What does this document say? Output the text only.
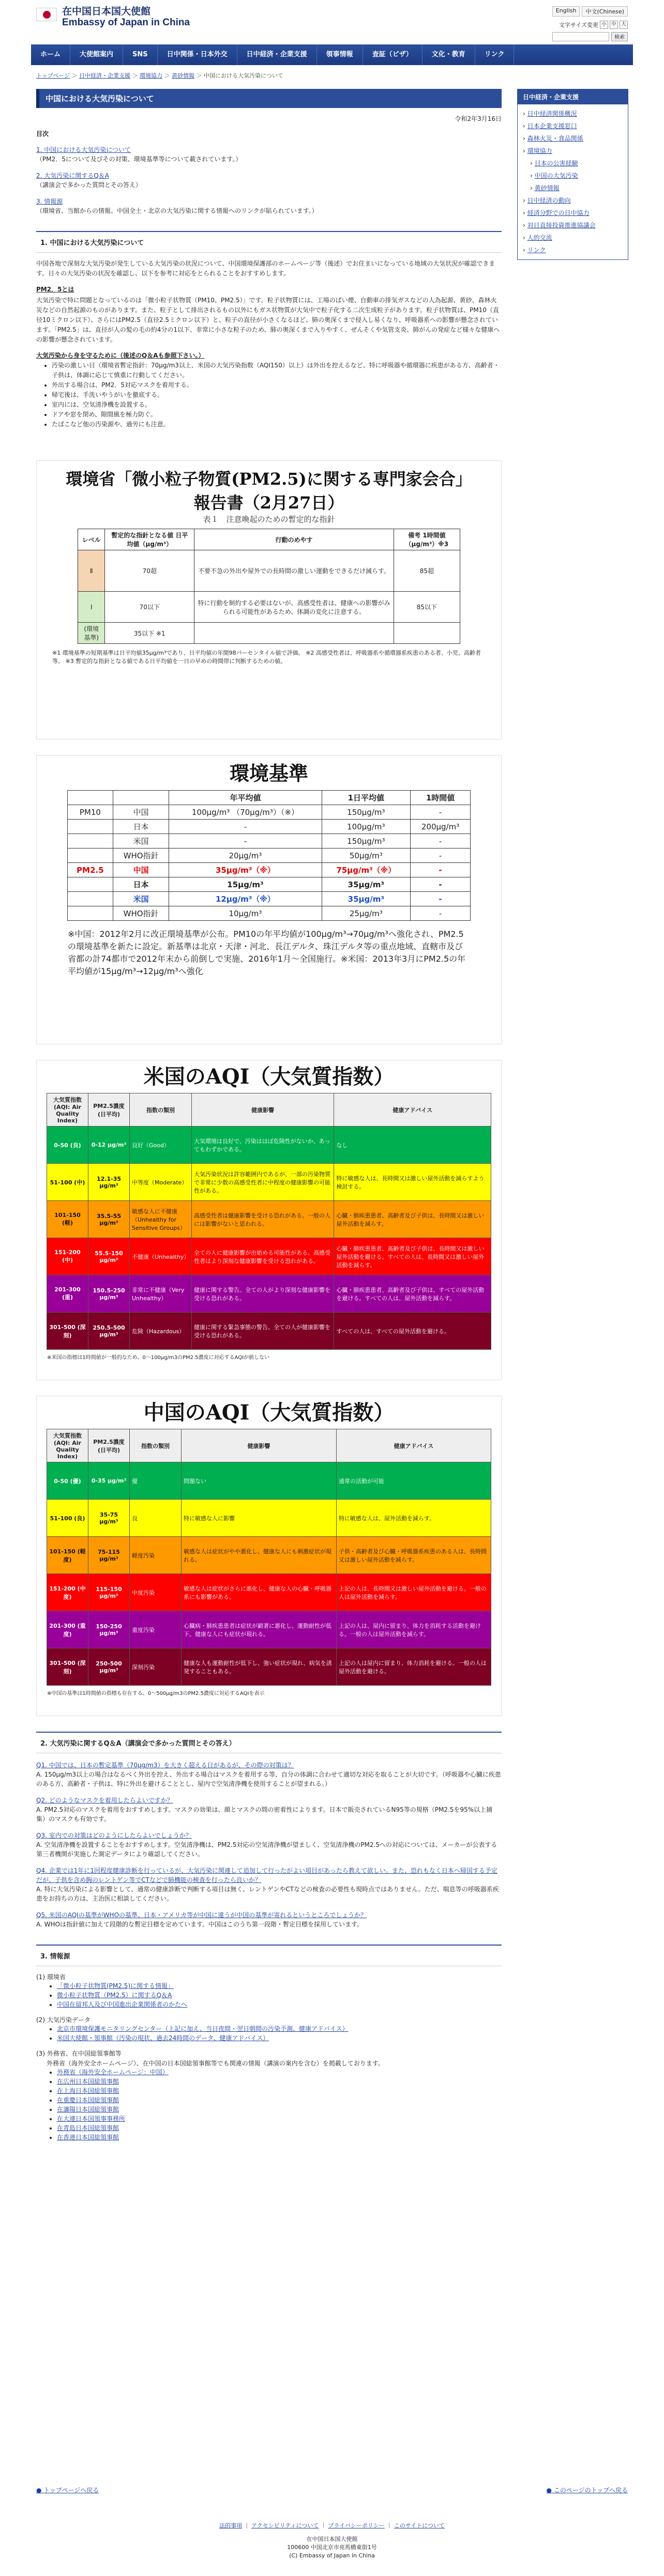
在中国日本国大使館
Embassy of Japan in China
English	中文(Chinese)
文字サイズ変更 小 中 大
検索
ホーム	大使館案内	SNS	日中関係・日本外交	日中経済・企業支援	領事情報	査証（ビザ）	文化・教育	リンク
トップページ ＞ 日中経済・企業支援 ＞ 環境協力 ＞ 黄砂情報 ＞ 中国における大気汚染について
中国における大気汚染について
令和2年3月16日
目次

1. 中国における大気汚染について
（PM2．5について及びその対策、環境基準等について載されています。）

2. 大気汚染に関するQ＆A
（講演会で多かった質問とその答え）

3. 情報源
（環境省、当館からの情報、中国全土・北京の大気汚染に関する情報へのリンクが貼られています。）

1. 中国における大気汚染について

中国各地で深刻な大気汚染が発生している大気汚染の状況について、中国環境保護部のホームページ等（後述）でお住まいになっている地域の大気状況が確認できます。日々の大気汚染の状況を確認し、以下を参考に対応をとられることをおすすめします。

PM2．5とは

大気汚染で特に問題となっているのは「微小粒子状物質（PM10、PM2.5）」です。粒子状物質には、工場のばい煙、自動車の排気ガスなどの人為起源、黄砂、森林火災などの自然起源のものがあります。また、粒子として排出されるもの以外にもガス状物質が大気中で粒子化する二次生成粒子があります。粒子状物質は、PM10（直径10ミクロン以下）、さらにはPM2.5（直径2.5ミクロン以下）と、粒子の直径が小さくなるほど、肺の奥深くまで侵入し易くなり、呼吸器系への影響が懸念されています。「PM2.5」は、直径が人の髪の毛の約4分の1以下、非常に小さな粒子のため、肺の奥深くまで入りやすく、ぜんそくや気管支炎、肺がんの発症など様々な健康への影響が懸念されています。

大気汚染から身を守るために（後述のQ＆Aも参照下さい。）

• 汚染の激しい日（環境省暫定指針：70μg/m3以上、米国の大気汚染指数（AQI150）以上）は外出を控えるなど、特に呼吸器や循環器に疾患がある方、高齢者・子供は、体調に応じて慎重に行動してください。
• 外出する場合は、PM2．5対応マスクを着用する。
• 帰宅後は、手洗いやうがいを徹底する。
• 室内には、空気清浄機を設置する。
• ドアや窓を閉め、隙間風を極力防ぐ。
• たばこなど他の汚染源や、過労にも注意。
環境省「微小粒子物質(PM2.5)に関する専門家会合」
報告書（2月27日）
表１　注意喚起のための暫定的な指針
レベル	暫定的な指針となる値 日平均値（μg/m³）	行動のめやす	備考 1時間値（μg/m³）※3
Ⅱ	70超	不要不急の外出や屋外での長時間の激しい運動をできるだけ減らす。	85超
Ⅰ	70以下	特に行動を制約する必要はないが、高感受性者は、健康への影響がみられる可能性があるため、体調の変化に注意する。	85以下
(環境基準)	35以下 ※1		

※1 環境基準の短期基準は日平均値35μg/m³であり、日平均値の年間98パーセンタイル値で評価。 ※2 高感受性者は、呼吸器系や循環器系疾患のある者、小児、高齢者等。 ※3 暫定的な指針となる値である日平均値を一日の早めの時間帯に判断するための値。

環境基準
		年平均値	1日平均値	1時間値
PM10	中国	100μg/m³ （70μg/m³）（※）	150μg/m³	-
	日本	-	100μg/m³	200μg/m³
	米国	-	150μg/m³	-
	WHO指針	20μg/m³	50μg/m³	-
PM2.5	中国	35μg/m³（※）	75μg/m³（※）	-
	日本	15μg/m³	35μg/m³	-
	米国	12μg/m³（※）	35μg/m³	-
	WHO指針	10μg/m³	25μg/m³	-

※中国：2012年2月に改正環境基準が公布。PM10の年平均値が100μg/m³→70μg/m³へ強化され、PM2.5の環境基準を新たに設定。新基準は北京・天津・河北、長江デルタ、珠江デルタ等の重点地域、直轄市及び省都の計74都市で2012年末から前倒しで実施、2016年1月～全国施行。※米国：2013年3月にPM2.5の年平均値が15μg/m³→12μg/m³へ強化

米国のAQI（大気質指数）
大気質指数 (AQI: Air Quality Index)	PM2.5濃度(日平均)	指数の類別	健康影響	健康アドバイス
0-50 (良)	0-12 μg/m³	良好（Good）	大気環境は良好で、汚染はほぼ危険性がないか、あってもわずかである。	なし
51-100 (中)	12.1-35 μg/m³	中等度（Moderate）	大気汚染状況は許容範囲内であるが、一部の汚染物質で非常に少数の高感受性者に中程度の健康影響の可能性がある。	特に敏感な人は、長時間又は激しい屋外活動を減らすよう検討する。
101-150 (軽)	35.5-55 μg/m³	敏感な人に不健康（Unhealthy for Sensitive Groups）	高感受性者は健康影響を受ける恐れがある。一般の人には影響がないと思われる。	心臓・肺疾患患者、高齢者及び子供は、長時間又は激しい屋外活動を減らす。
151-200 (中)	55.5-150 μg/m³	不健康（Unhealthy）	全ての人に健康影響が出始める可能性がある。高感受性者はより深刻な健康影響を受ける恐れがある。	心臓・肺疾患患者、高齢者及び子供は、長時間又は激しい屋外活動を避ける。すべての人は、長時間又は激しい屋外活動を減らす。
201-300 (重)	150.5-250 μg/m³	非常に不健康（Very Unhealthy）	健康に関する警告。全ての人がより深刻な健康影響を受ける恐れがある。	心臓・肺疾患患者、高齢者及び子供は、すべての屋外活動を避ける。すべての人は、屋外活動を減らす。
301-500 (深刻)	250.5-500 μg/m³	危険（Hazardous）	健康に関する緊急事態の警告。全ての人が健康影響を受ける恐れがある。	すべての人は、すべての屋外活動を避ける。

※米国の指標は1時間値が一般的なため、0～100μg/m3のPM2.5濃度に対応するAQIが値しない

中国のAQI（大気質指数）
大気質指数 (AQI: Air Quality Index)	PM2.5濃度(日平均)	指数の類別	健康影響	健康アドバイス
0-50 (優)	0-35 μg/m³	優	問題ない	通常の活動が可能
51-100 (良)	35-75 μg/m³	良	特に敏感な人に影響	特に敏感な人は、屋外活動を減らす。
101-150 (軽度)	75-115 μg/m³	軽度汚染	敏感な人は症状がやや悪化し、健康な人にも刺激症状が現れる。	子供・高齢者及び心臓・呼吸器系疾患のある人は、長時間又は激しい屋外活動を減らす。
151-200 (中度)	115-150 μg/m³	中度汚染	敏感な人は症状がさらに悪化し、健康な人の心臓・呼吸器系にも影響がある。	上記の人は、長時間又は激しい屋外活動を避ける。一般の人は屋外活動を減らす。
201-300 (重度)	150-250 μg/m³	重度汚染	心臓病・肺疾患患者は症状が顕著に悪化し、運動耐性が低下。健康な人にも症状が現れる。	上記の人は、屋内に留まり、体力を消耗する活動を避ける。一般の人は屋外活動を減らす。
301-500 (深刻)	250-500 μg/m³	深刻汚染	健康な人も運動耐性が低下し、強い症状が現れ、病気を誘発することもある。	上記の人は屋内に留まり、体力消耗を避ける。一般の人は屋外活動を避ける。

※中国の基準は1時間値の指標も存在する。0～500μg/m3のPM2.5濃度に対応するAQIを表示

2. 大気汚染に関するQ＆A（講演会で多かった質問とその答え）

Q1. 中国では、日本の暫定基準（70μg/m3）を大きく超える日があるが、その際の対策は？
A. 150μg/m3以上の場合はなるべく外出を控え、外出する場合はマスクを着用する等、自分の体調に合わせて適切な対応を取ることが大切です。（呼吸器や心臓に疾患のある方、高齢者・子供は、特に外出を避けることとし、屋内で空気清浄機を使用することが望まれる。）

Q2. どのようなマスクを着用したらよいですか？
A. PM2.5対応のマスクを着用をおすすめします。マスクの効果は、顔とマスクの間の密着性によります。日本で販売されているN95等の規格（PM2.5を95%以上捕集）のマスクも有効です。

Q3. 室内での対策はどのようにしたらよいでしょうか？
A. 空気清浄機を設置することをおすすめします。空気清浄機は、PM2.5対応の空気清浄機が望ましく、空気清浄機のPM2.5への対応については、メーカーが公表する第三者機関が実施した測定データにより確認してください。

Q4. 企業では1年に1回程度健康診断を行っているが、大気汚染に関連して追加して行ったがよい項目があったら教えて欲しい。また、恐れもなく日本へ帰国する予定だが、子供を含め胸のレントゲン等でCTなどで肺機能の検査を行ったら良いか？
A. 特に大気汚染による影響として、通常の健康診断で判断する項目は無く、レントゲンやCTなどの検査の必要性も現時点ではありません。ただ、喘息等の呼吸器系疾患をお持ちの方は、主治医に相談してください。

Q5. 米国のAQIの基準がWHOの基準、日本・アメリカ等が中国に違うが中国の基準が寄れるというところでしょうか？
A. WHOは指針値に加えて段階的な暫定目標を定めています。中国はこのうち第一段階・暫定目標を採用しています。

3. 情報源

(1) 環境省

• 「微小粒子状物質(PM2.5)に関する情報」
• 微小粒子状物質（PM2.5）に関するQ＆A
• 中国在留邦人及び中国進出企業関係者のかたへ

(2) 大気汚染データ

• 北京市環境保護モニタリングセンター（上記に加え、当日夜間・翌日朝間の汚染予測、健康アドバイス）
• 米国大使館・領事館（汚染の現状、過去24時間のデータ、健康アドバイス）

(3) 外務省、在中国総領事館等

外務省（海外安全ホームページ）、在中国の日本国総領事館等でも関連の情報（講演の案内を含む）を掲載しております。

• 外務省（海外安全ホームページ：中国）
• 在広州日本国総領事館
• 在上海日本国総領事館
• 在重慶日本国総領事館
• 在瀋陽日本国総領事館
• 在大連日本国領事事務所
• 在青島日本国総領事館
• 在香港日本国総領事館
日中経済・企業支援
› 日中経済関係概況
› 日本企業支援窓口
› 森林火災・食品関係
› 環境協力
› 日本の公害経験
› 中国の大気汚染
› 黄砂情報
› 日中経済の動向
› 経済分野での日中協力
› 対日直接投資推進協議会
› 人的交流
› リンク
● トップページへ戻る	● このページのトップへ戻る
法的事項 ｜ アクセシビリティについて ｜ プライバシーポリシー ｜ このサイトについて
在中国日本国大使館
100600 中国北京市亮馬橋東街1号
(C) Embassy of Japan in China
